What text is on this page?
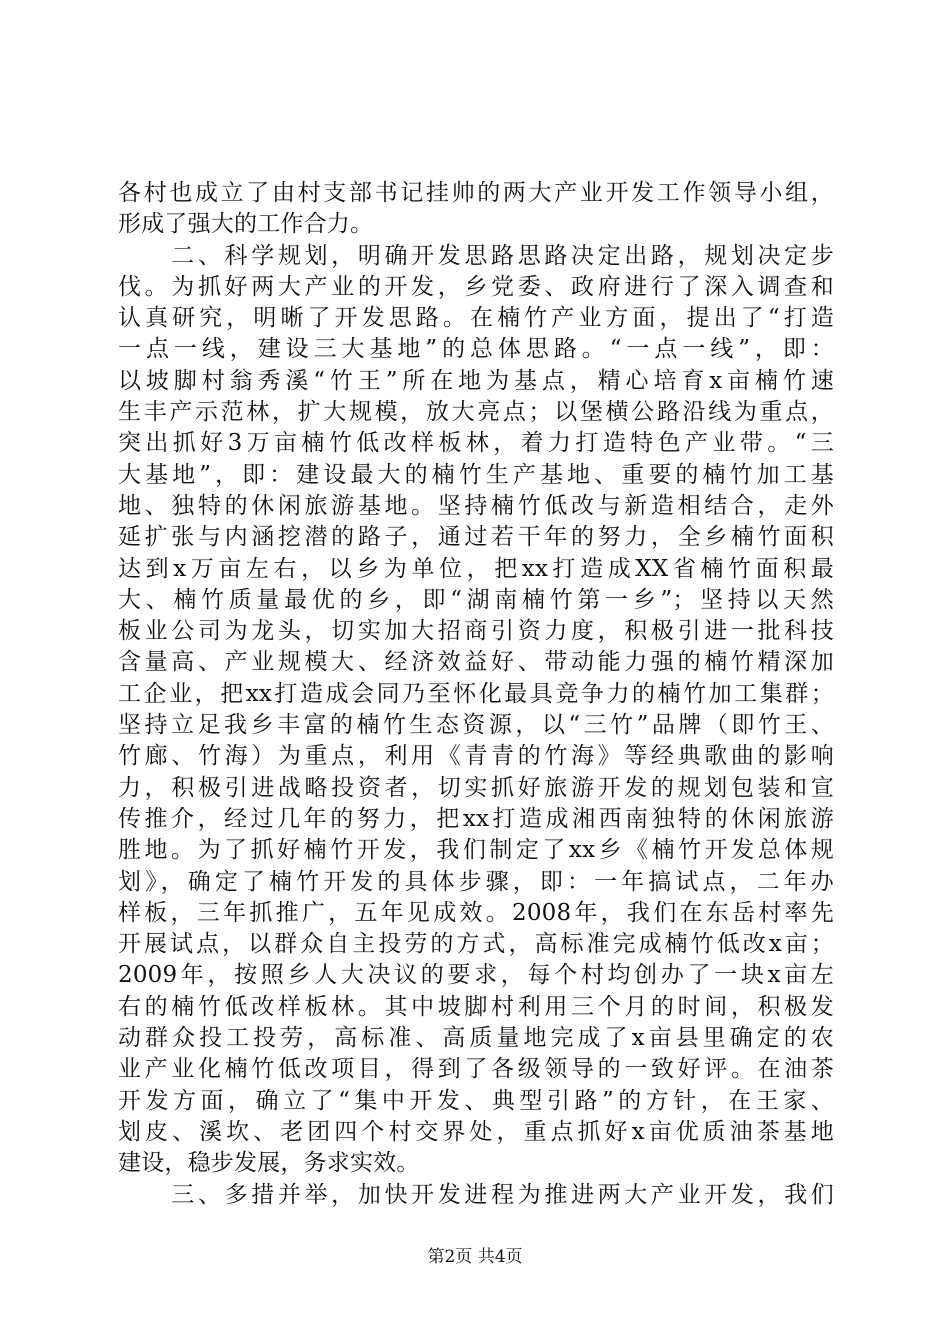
各村也成立了由村支部书记挂帅的两大产业开发工作领导小组，
形成了强大的工作合力。
　　二、科学规划，明确开发思路思路决定出路，规划决定步
伐。为抓好两大产业的开发，乡党委、政府进行了深入调查和
认真研究，明晰了开发思路。在楠竹产业方面，提出了“打造
一点一线，建设三大基地”的总体思路。“一点一线”，即：
以坡脚村翁秀溪“竹王”所在地为基点，精心培育x亩楠竹速
生丰产示范林，扩大规模，放大亮点；以堡横公路沿线为重点，
突出抓好3万亩楠竹低改样板林，着力打造特色产业带。“三
大基地”，即：建设最大的楠竹生产基地、重要的楠竹加工基
地、独特的休闲旅游基地。坚持楠竹低改与新造相结合，走外
延扩张与内涵挖潜的路子，通过若干年的努力，全乡楠竹面积
达到x万亩左右，以乡为单位，把xx打造成XX省楠竹面积最
大、楠竹质量最优的乡，即“湖南楠竹第一乡”；坚持以天然
板业公司为龙头，切实加大招商引资力度，积极引进一批科技
含量高、产业规模大、经济效益好、带动能力强的楠竹精深加
工企业，把xx打造成会同乃至怀化最具竞争力的楠竹加工集群；
坚持立足我乡丰富的楠竹生态资源，以“三竹”品牌（即竹王、
竹廊、竹海）为重点，利用《青青的竹海》等经典歌曲的影响
力，积极引进战略投资者，切实抓好旅游开发的规划包装和宣
传推介，经过几年的努力，把xx打造成湘西南独特的休闲旅游
胜地。为了抓好楠竹开发，我们制定了xx乡《楠竹开发总体规
划》，确定了楠竹开发的具体步骤，即：一年搞试点，二年办
样板，三年抓推广，五年见成效。2008年，我们在东岳村率先
开展试点，以群众自主投劳的方式，高标准完成楠竹低改x亩；
2009年，按照乡人大决议的要求，每个村均创办了一块x亩左
右的楠竹低改样板林。其中坡脚村利用三个月的时间，积极发
动群众投工投劳，高标准、高质量地完成了x亩县里确定的农
业产业化楠竹低改项目，得到了各级领导的一致好评。在油茶
开发方面，确立了“集中开发、典型引路”的方针，在王家、
划皮、溪坎、老团四个村交界处，重点抓好x亩优质油茶基地
建设，稳步发展，务求实效。
　　三、多措并举，加快开发进程为推进两大产业开发，我们
第2页 共4页
